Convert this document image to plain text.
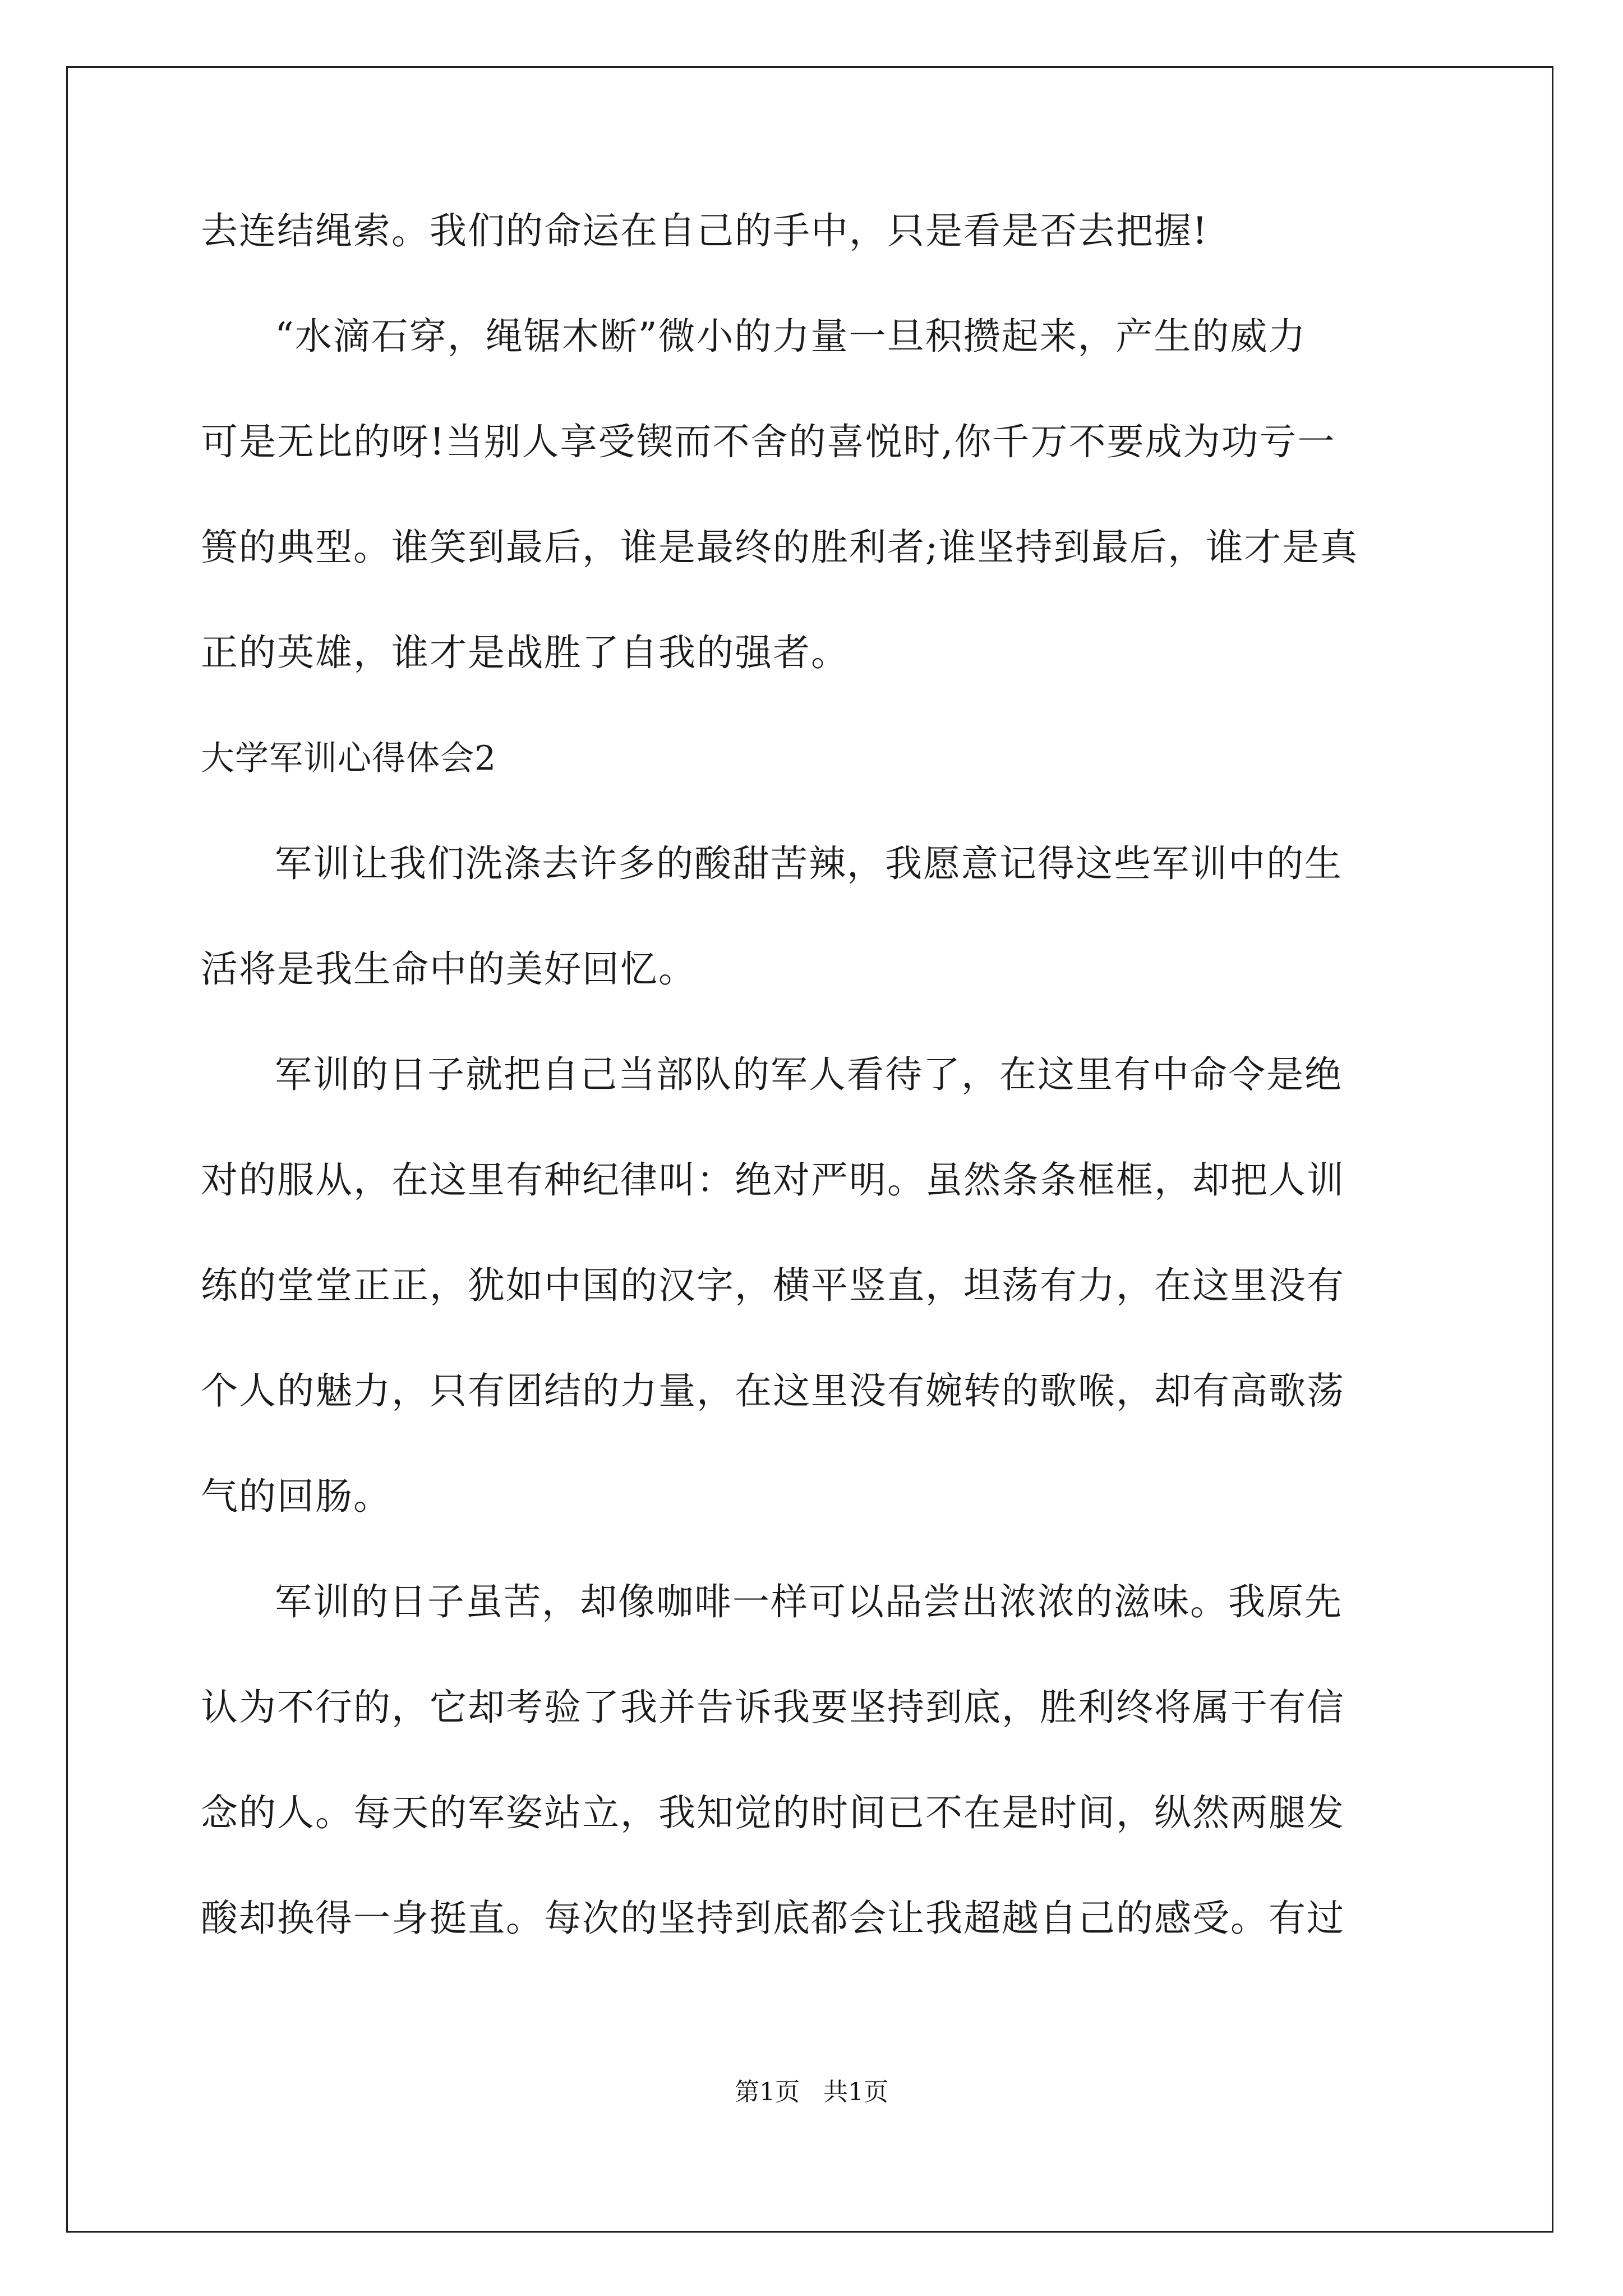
去连结绳索。我们的命运在自己的手中，只是看是否去把握!

“水滴石穿，绳锯木断”微小的力量一旦积攒起来，产生的威力

可是无比的呀!当别人享受锲而不舍的喜悦时,你千万不要成为功亏一

篑的典型。谁笑到最后，谁是最终的胜利者;谁坚持到最后，谁才是真

正的英雄，谁才是战胜了自我的强者。

大学军训心得体会2

军训让我们洗涤去许多的酸甜苦辣，我愿意记得这些军训中的生

活将是我生命中的美好回忆。

军训的日子就把自己当部队的军人看待了，在这里有中命令是绝

对的服从，在这里有种纪律叫：绝对严明。虽然条条框框，却把人训

练的堂堂正正，犹如中国的汉字，横平竖直，坦荡有力，在这里没有

个人的魅力，只有团结的力量，在这里没有婉转的歌喉，却有高歌荡

气的回肠。

军训的日子虽苦，却像咖啡一样可以品尝出浓浓的滋味。我原先

认为不行的，它却考验了我并告诉我要坚持到底，胜利终将属于有信

念的人。每天的军姿站立，我知觉的时间已不在是时间，纵然两腿发

酸却换得一身挺直。每次的坚持到底都会让我超越自己的感受。有过

第1页 共1页
